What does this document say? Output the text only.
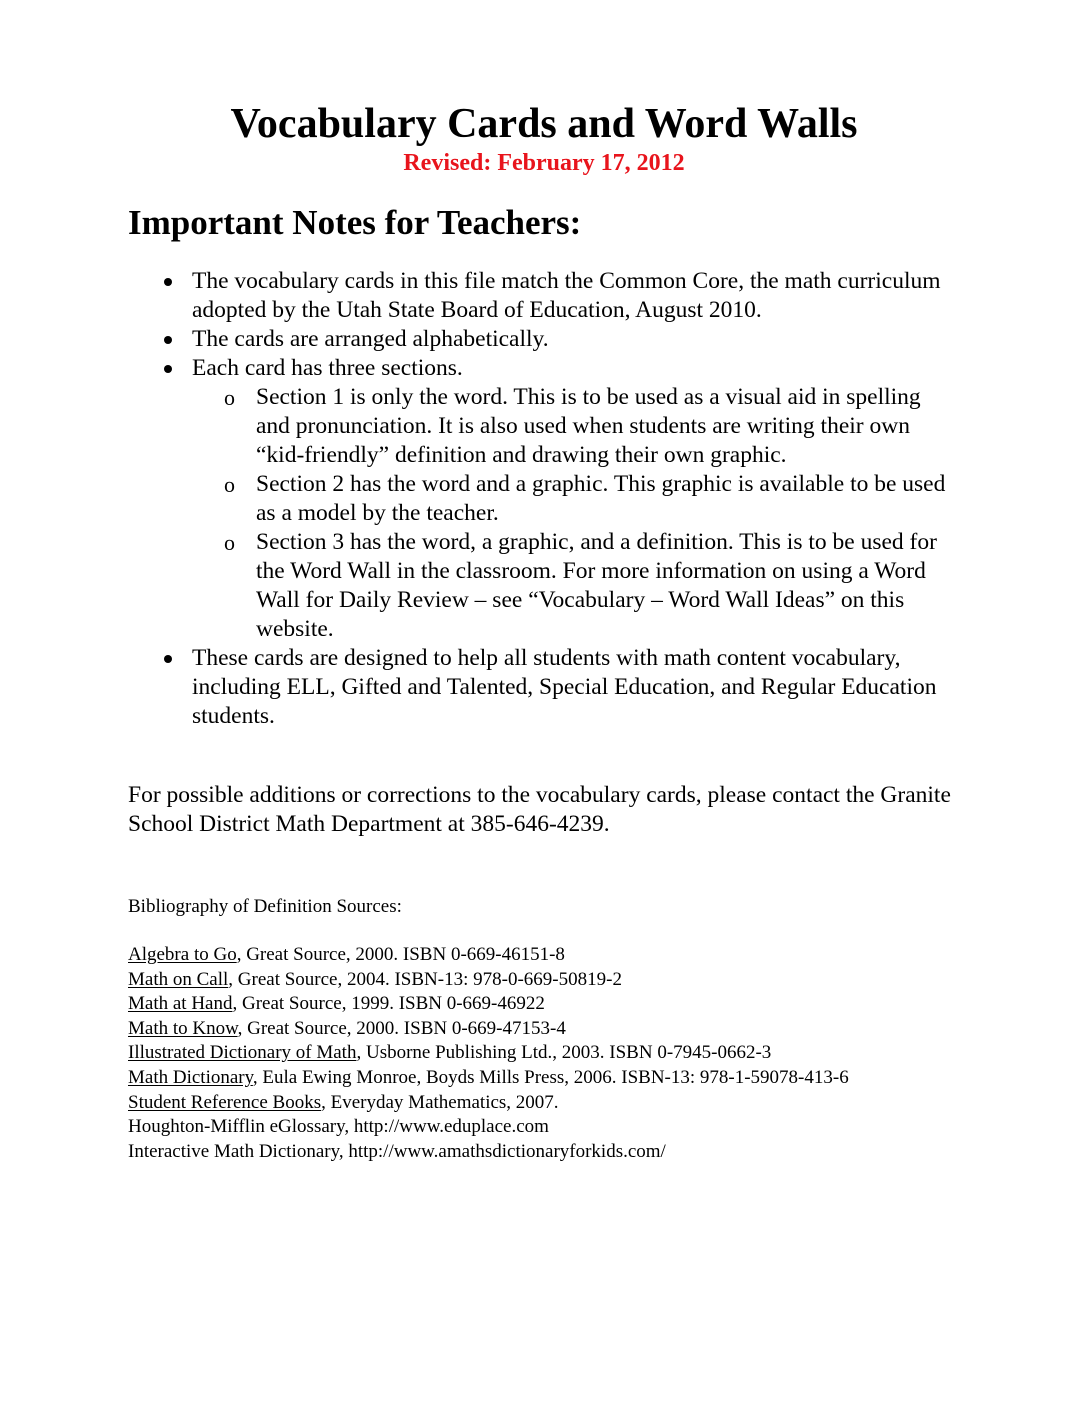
Vocabulary Cards and Word Walls
Revised: February 17, 2012
Important Notes for Teachers:
The vocabulary cards in this file match the Common Core, the math curriculum adopted by the Utah State Board of Education, August 2010.
The cards are arranged alphabetically.
Each card has three sections.
o Section 1 is only the word. This is to be used as a visual aid in spelling and pronunciation. It is also used when students are writing their own “kid-friendly” definition and drawing their own graphic.
o Section 2 has the word and a graphic. This graphic is available to be used as a model by the teacher.
o Section 3 has the word, a graphic, and a definition. This is to be used for the Word Wall in the classroom. For more information on using a Word Wall for Daily Review – see “Vocabulary – Word Wall Ideas” on this website.
These cards are designed to help all students with math content vocabulary, including ELL, Gifted and Talented, Special Education, and Regular Education students.
For possible additions or corrections to the vocabulary cards, please contact the Granite School District Math Department at 385-646-4239.
Bibliography of Definition Sources:
Algebra to Go, Great Source, 2000. ISBN 0-669-46151-8
Math on Call, Great Source, 2004. ISBN-13: 978-0-669-50819-2
Math at Hand, Great Source, 1999. ISBN 0-669-46922
Math to Know, Great Source, 2000. ISBN 0-669-47153-4
Illustrated Dictionary of Math, Usborne Publishing Ltd., 2003. ISBN 0-7945-0662-3
Math Dictionary, Eula Ewing Monroe, Boyds Mills Press, 2006. ISBN-13: 978-1-59078-413-6
Student Reference Books, Everyday Mathematics, 2007.
Houghton-Mifflin eGlossary, http://www.eduplace.com
Interactive Math Dictionary, http://www.amathsdictionaryforkids.com/
